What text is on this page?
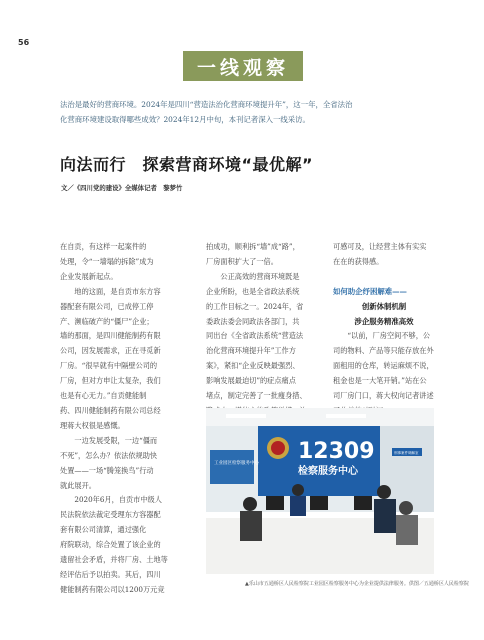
56
一线观察
法治是最好的营商环境。2024年是四川“营造法治化营商环境提升年”，这一年，全省法治
化营商环境建设取得哪些成效？2024年12月中旬，本刊记者深入一线采访。
向法而行　探索营商环境“最优解”
文／《四川党的建设》全媒体记者　黎梦竹
在自贡，有这样一起案件的
处理，令“一墙塌的拆除”成为
企业发展新起点。
　　地的这面，是自贡市东方容
器配套有限公司，已成停工停
产、濒临破产的“僵尸”企业；
墙的那面，是四川健能制药有限
公司，因发展需求，正在寻觅新
厂房。“很早就有中隔壁公司的
厂房，但对方申让太复杂，我们
也是有心无力。”自贡健能制
药、四川健能制药有限公司总经
理蒋大权很是感慨。
　　一边发展受限，一边“僵而
不死”，怎么办？依法依规助快
处置——一场“腾笼换鸟”行动
就此展开。
　　2020年6月，自贡市中级人
民法院依法裁定受理东方容器配
套有限公司清算，通过强化
府院联动，综合处置了该企业的
遗留社会矛盾，并将厂房、土地等
经评估后予以拍卖。其后，四川
健能制药有限公司以1200万元竞
拍成功，顺利拆“墙”成“路”，
厂房面积扩大了一倍。
　　公正高效的营商环境既是
企业所盼，也是全省政法系统
的工作目标之一。2024年，省
委政法委会同政法各部门，共
同出台《全省政法系统“营造法
治化营商环境提升年”工作方
案》，紧扣“企业反映最强烈、
影响发展最迫切”的症点痛点
堵点，制定完善了一批瘦身措、
可感可及，让经营主体有实实
在在的获得感。
如何助企纾困解难——
创新体制机制
涉企服务精准高效
　　“以前，厂房空间不够，公
司的物料、产品等只能存放在外
面租用的仓库，转运麻烦不说，
租金也是一大笔开销。”站在公
司厂房门口，蒋大权向记者讲述
12309
检察服务中心
工业园区检察服务中心
刑事案件调解室
▲乐山市五通桥区人民检察院工业园区检察服务中心为企业提供法律服务。供图／五通桥区人民检察院
